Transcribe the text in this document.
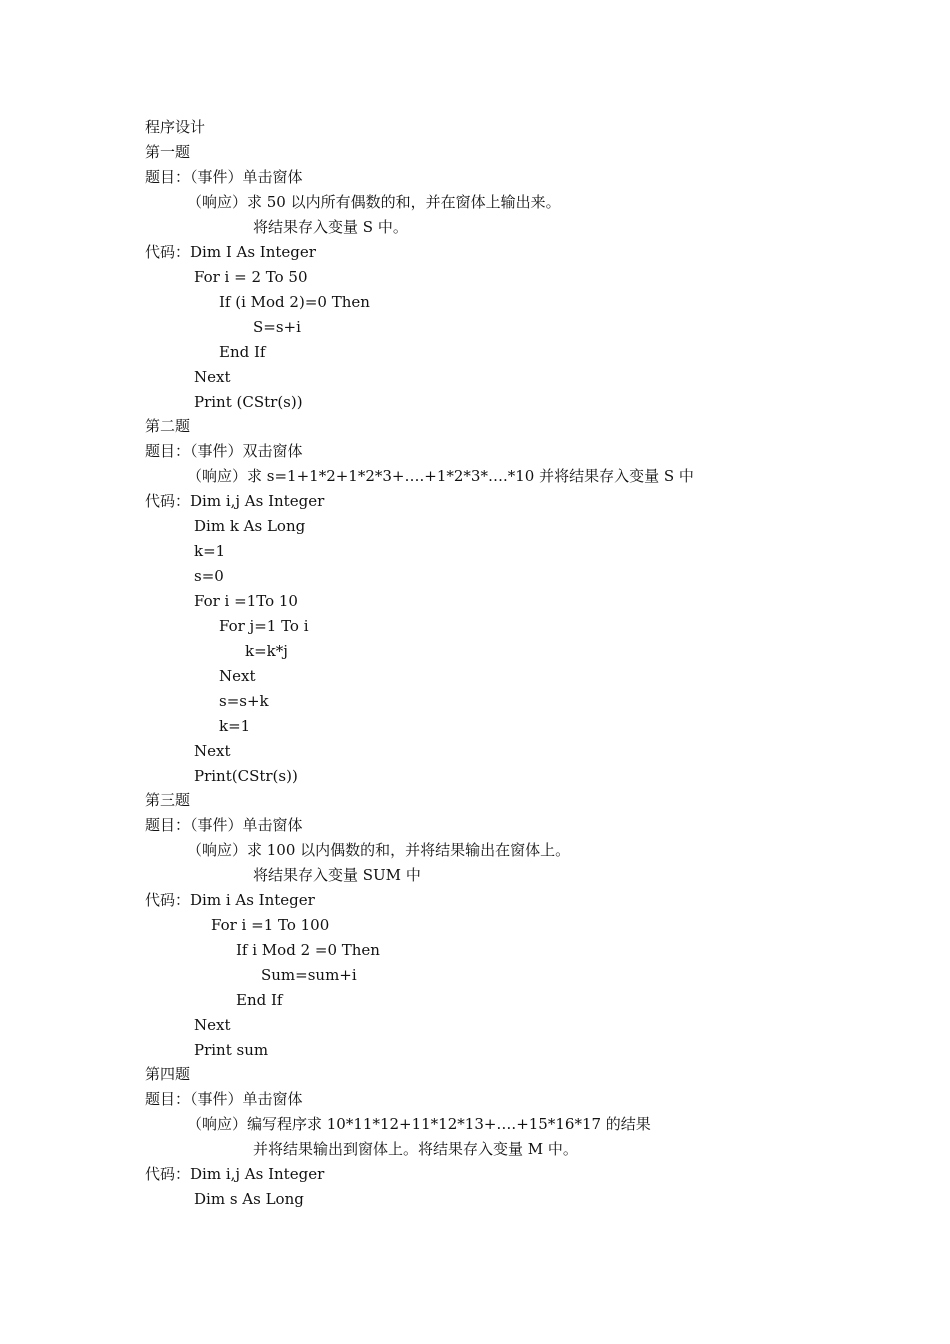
程序设计
第一题
题目：（事件）单击窗体
（响应）求 50 以内所有偶数的和，并在窗体上输出来。
将结果存入变量 S 中。
代码：Dim I As Integer
For i = 2 To 50
If (i Mod 2)=0 Then
S=s+i
End If
Next
Print (CStr(s))
第二题
题目：（事件）双击窗体
（响应）求 s=1+1*2+1*2*3+….+1*2*3*….*10 并将结果存入变量 S 中
代码：Dim i,j As Integer
Dim k As Long
k=1
s=0
For i =1To 10
For j=1 To i
k=k*j
Next
s=s+k
k=1
Next
Print(CStr(s))
第三题
题目：（事件）单击窗体
（响应）求 100 以内偶数的和，并将结果输出在窗体上。
将结果存入变量 SUM 中
代码：Dim i As Integer
For i =1 To 100
If i Mod 2 =0 Then
Sum=sum+i
End If
Next
Print sum
第四题
题目：（事件）单击窗体
（响应）编写程序求 10*11*12+11*12*13+….+15*16*17 的结果
并将结果输出到窗体上。将结果存入变量 M 中。
代码：Dim i,j As Integer
Dim s As Long
